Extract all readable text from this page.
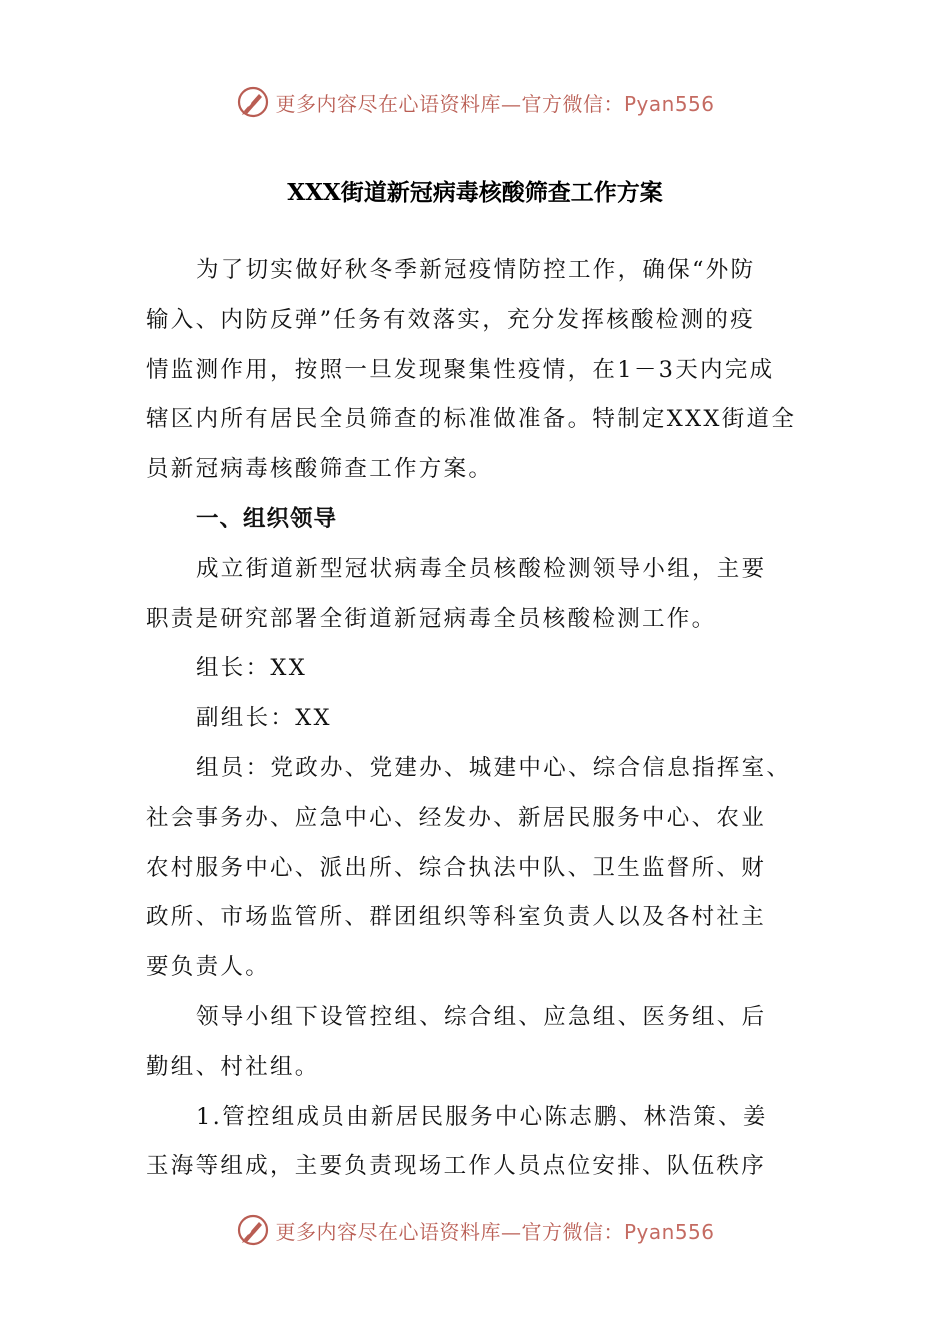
更多内容尽在心语资料库—官方微信：Pyan556
XXX街道新冠病毒核酸筛查工作方案
为了切实做好秋冬季新冠疫情防控工作，确保“外防
输入、内防反弹”任务有效落实，充分发挥核酸检测的疫
情监测作用，按照一旦发现聚集性疫情，在1－3天内完成
辖区内所有居民全员筛查的标准做准备。特制定XXX街道全
员新冠病毒核酸筛查工作方案。
一、组织领导
成立街道新型冠状病毒全员核酸检测领导小组，主要
职责是研究部署全街道新冠病毒全员核酸检测工作。
组长：XX
副组长：XX
组员：党政办、党建办、城建中心、综合信息指挥室、
社会事务办、应急中心、经发办、新居民服务中心、农业
农村服务中心、派出所、综合执法中队、卫生监督所、财
政所、市场监管所、群团组织等科室负责人以及各村社主
要负责人。
领导小组下设管控组、综合组、应急组、医务组、后
勤组、村社组。
1.管控组成员由新居民服务中心陈志鹏、林浩策、姜
玉海等组成，主要负责现场工作人员点位安排、队伍秩序
更多内容尽在心语资料库—官方微信：Pyan556
